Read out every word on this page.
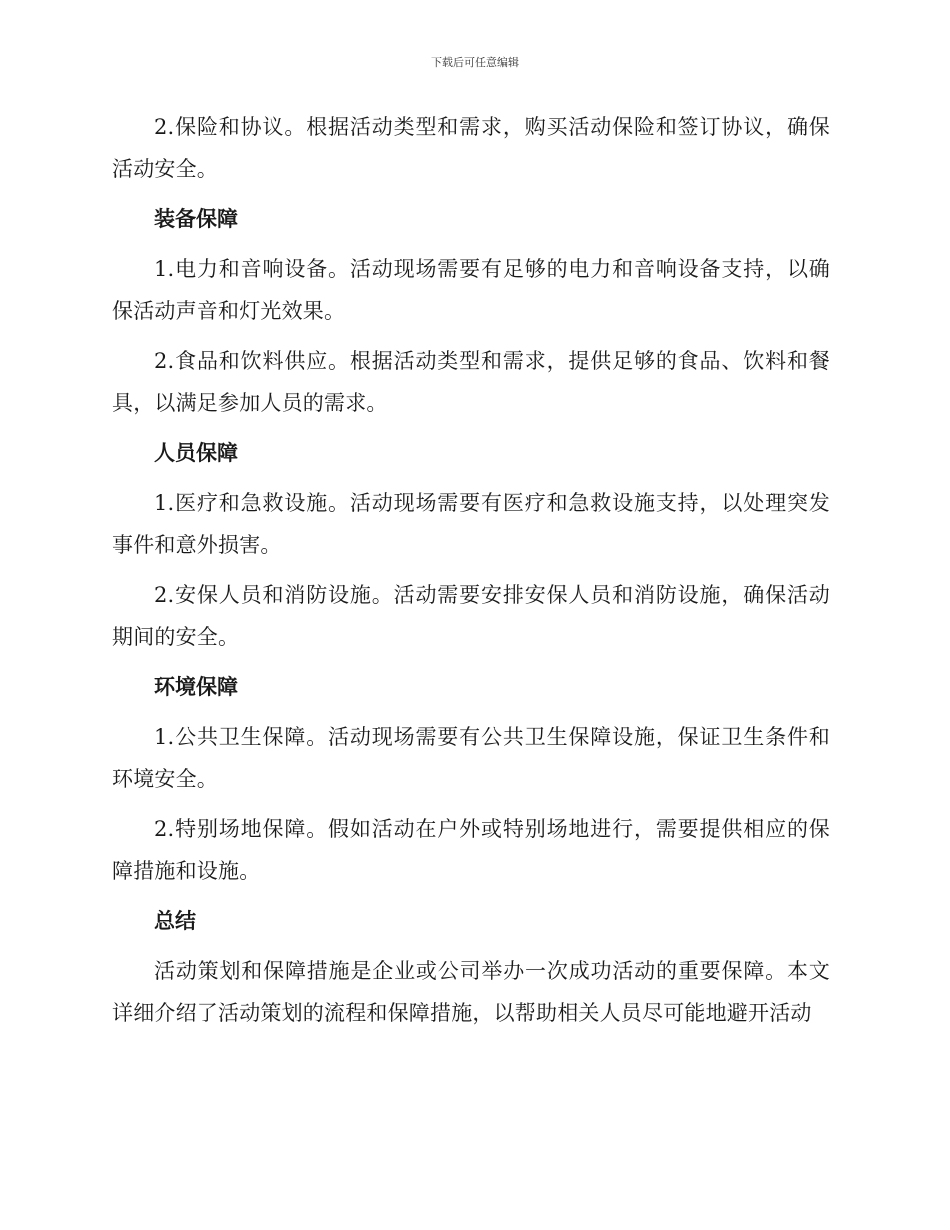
下载后可任意编辑

2.保险和协议。根据活动类型和需求，购买活动保险和签订协议，确保活动安全。

装备保障

1.电力和音响设备。活动现场需要有足够的电力和音响设备支持，以确保活动声音和灯光效果。

2.食品和饮料供应。根据活动类型和需求，提供足够的食品、饮料和餐具，以满足参加人员的需求。

人员保障

1.医疗和急救设施。活动现场需要有医疗和急救设施支持，以处理突发事件和意外损害。

2.安保人员和消防设施。活动需要安排安保人员和消防设施，确保活动期间的安全。

环境保障

1.公共卫生保障。活动现场需要有公共卫生保障设施，保证卫生条件和环境安全。

2.特别场地保障。假如活动在户外或特别场地进行，需要提供相应的保障措施和设施。

总结

活动策划和保障措施是企业或公司举办一次成功活动的重要保障。本文详细介绍了活动策划的流程和保障措施，以帮助相关人员尽可能地避开活动
